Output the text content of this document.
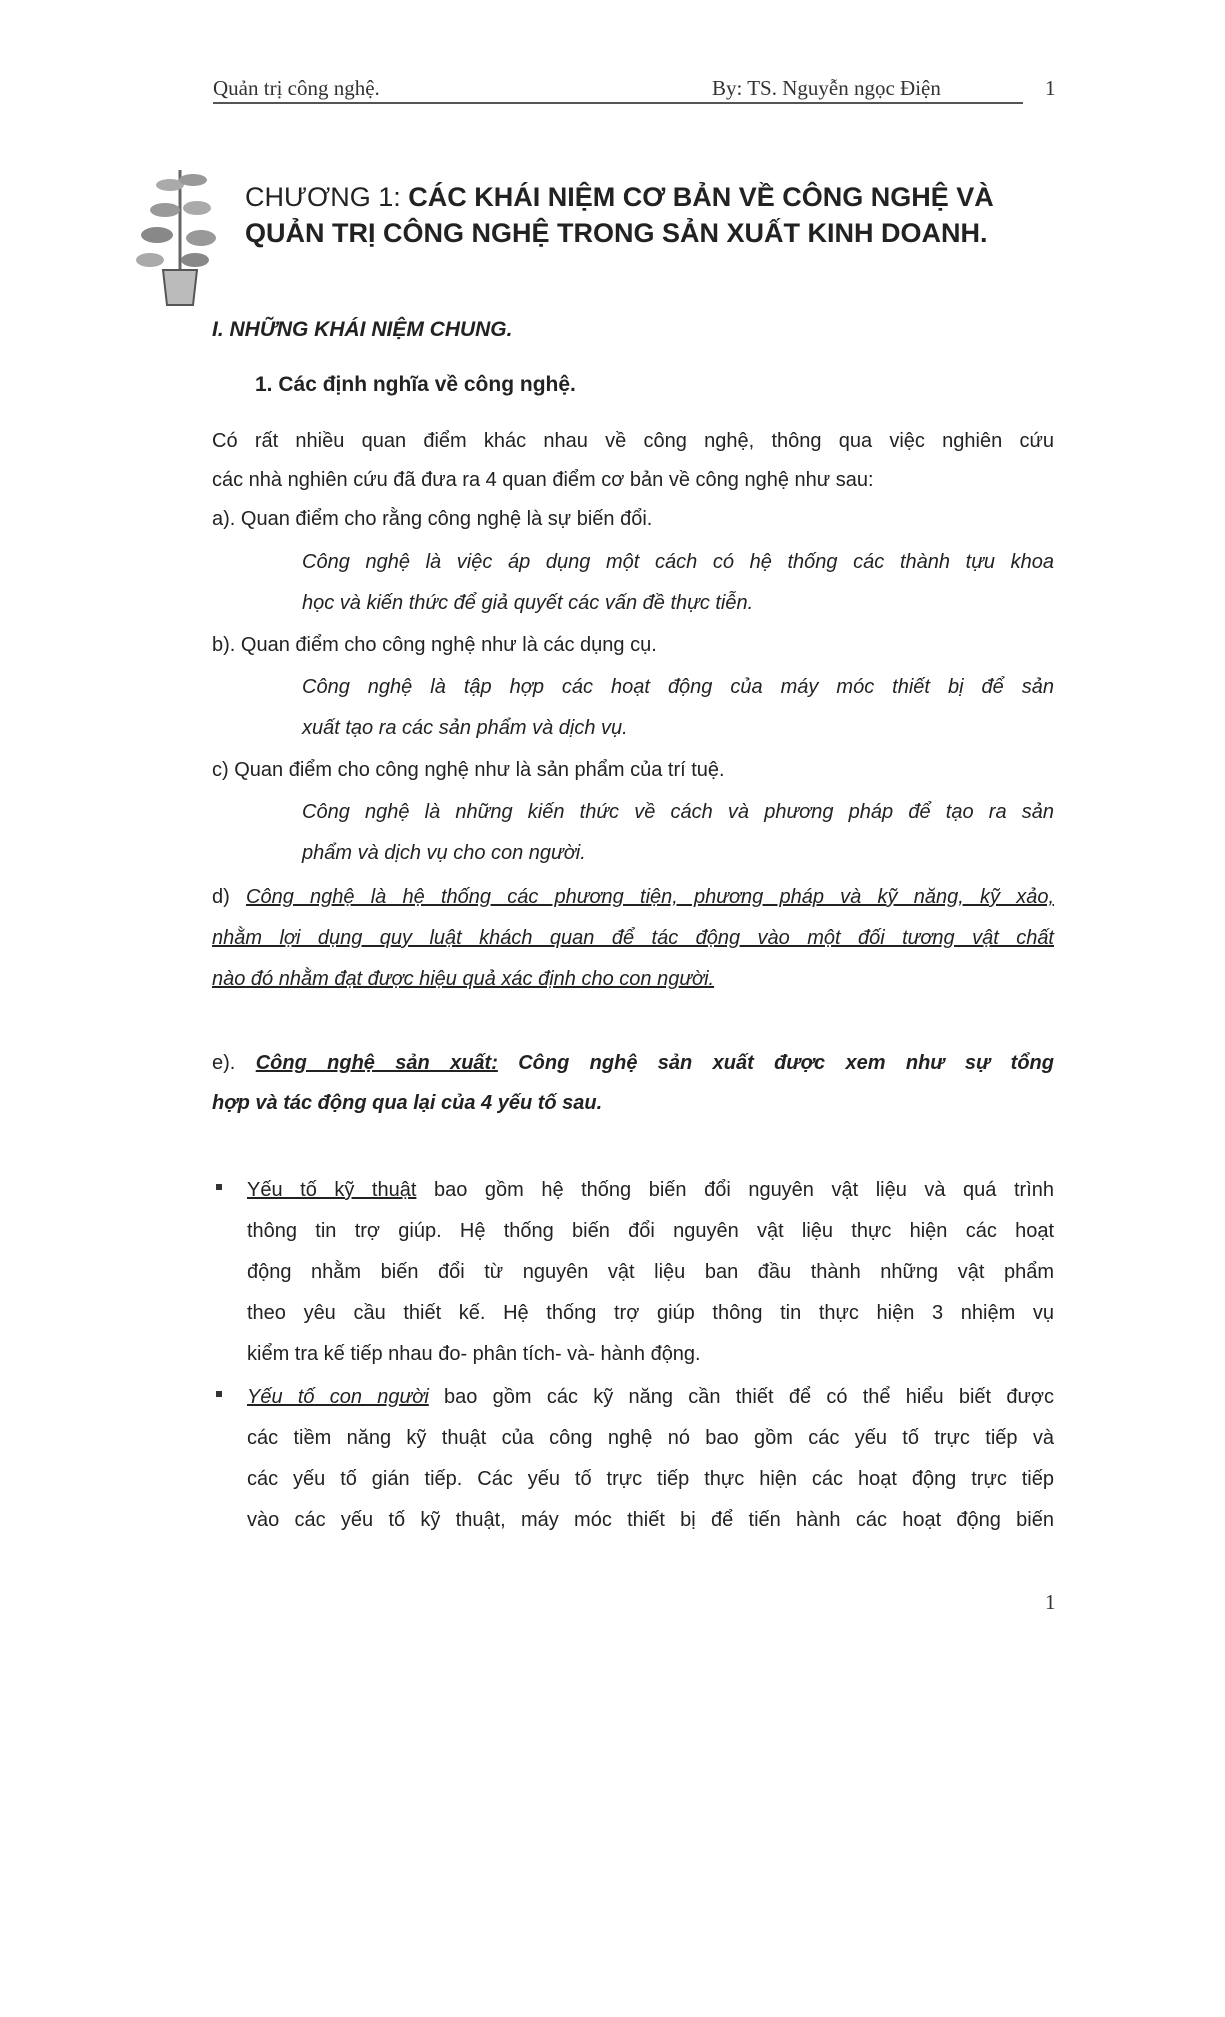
Quản trị công nghệ.	By: TS. Nguyễn ngọc Điện	1
CHƯƠNG 1: CÁC KHÁI NIỆM CƠ BẢN VỀ CÔNG NGHỆ VÀ
QUẢN TRỊ CÔNG NGHỆ TRONG SẢN XUẤT KINH DOANH.
I. NHỮNG KHÁI NIỆM CHUNG.
1. Các định nghĩa về công nghệ.
Có rất nhiều quan điểm khác nhau về công nghệ, thông qua việc nghiên cứu
các nhà nghiên cứu đã đưa ra 4 quan điểm cơ bản về công nghệ như sau:
a). Quan điểm cho rằng công nghệ là sự biến đổi.
Công nghệ là việc áp dụng một cách có hệ thống các thành tựu khoa
học và kiến thức để giả quyết các vấn đề thực tiễn.
b). Quan điểm cho công nghệ như là các dụng cụ.
Công nghệ là tập hợp các hoạt động của máy móc thiết bị để sản
xuất tạo ra các sản phẩm và dịch vụ.
c) Quan điểm cho công nghệ như là sản phẩm của trí tuệ.
Công nghệ là những kiến thức về cách và phương pháp để tạo ra sản
phẩm và dịch vụ cho con người.
d) Công nghệ là hệ thống các phương tiện, phương pháp và kỹ năng, kỹ xảo,
nhằm lợi dụng quy luật khách quan để tác động vào một đối tương vật chất
nào đó nhằm đạt được hiệu quả xác định cho con người.
e). Công nghệ sản xuất: Công nghệ sản xuất được xem như sự tổng
hợp và tác động qua lại của 4 yếu tố sau.
Yếu tố kỹ thuật bao gồm hệ thống biến đổi nguyên vật liệu và quá trình
thông tin trợ giúp. Hệ thống biến đổi nguyên vật liệu thực hiện các hoạt
động nhằm biến đổi từ nguyên vật liệu ban đầu thành những vật phẩm
theo yêu cầu thiết kế. Hệ thống trợ giúp thông tin thực hiện 3 nhiệm vụ
kiểm tra kế tiếp nhau đo- phân tích- và- hành động.
Yếu tố con người bao gồm các kỹ năng cần thiết để có thể hiểu biết được
các tiềm năng kỹ thuật của công nghệ nó bao gồm các yếu tố trực tiếp và
các yếu tố gián tiếp. Các yếu tố trực tiếp thực hiện các hoạt động trực tiếp
vào các yếu tố kỹ thuật, máy móc thiết bị để tiến hành các hoạt động biến
1
